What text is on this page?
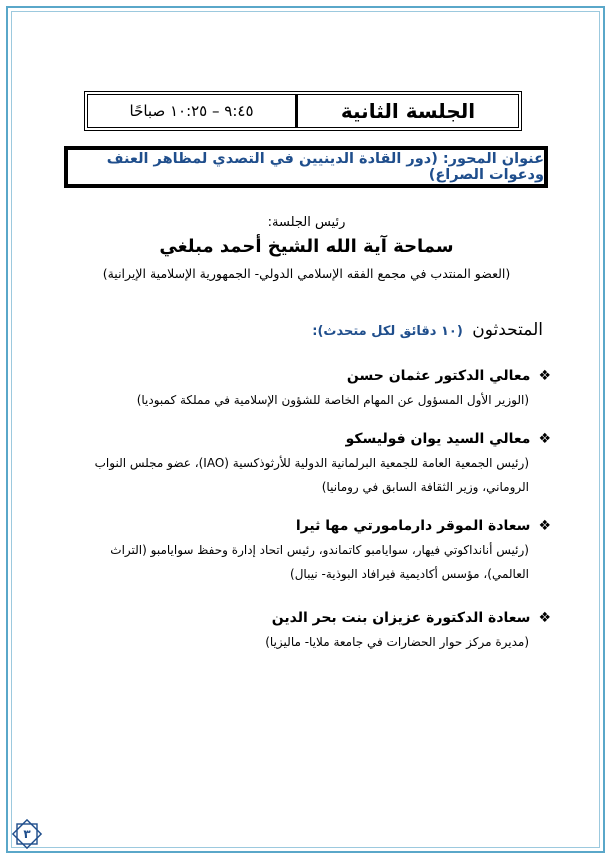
الجلسة الثانية
٩:٤٥ – ١٠:٢٥ صباحًا
عنوان المحور: (دور القادة الدينيين في التصدي لمظاهر العنف ودعوات الصراع)
رئيس الجلسة:
سماحة آية الله الشيخ أحمد مبلغي
(العضو المنتدب في مجمع الفقه الإسلامي الدولي- الجمهورية الإسلامية الإيرانية)
المتحدثون (١٠ دقائق لكل متحدث):
❖
معالي الدكتور عثمان حسن
(الوزير الأول المسؤول عن المهام الخاصة للشؤون الإسلامية في مملكة كمبوديا)
❖
معالي السيد يوان فوليسكو
(رئيس الجمعية العامة للجمعية البرلمانية الدولية للأرثوذكسية (IAO)، عضو مجلس النواب الروماني، وزير الثقافة السابق في رومانيا)
❖
سعادة الموقر دارمامورتي مها ثيرا
(رئيس أنانداكوتي فيهار، سوايامبو كاتماندو، رئيس اتحاد إدارة وحفظ سوايامبو (التراث العالمي)، مؤسس أكاديمية فيرافاد البوذية- نيبال)
❖
سعادة الدكتورة عزيزان بنت بحر الدين
(مديرة مركز حوار الحضارات في جامعة ملايا- ماليزيا)
٣
